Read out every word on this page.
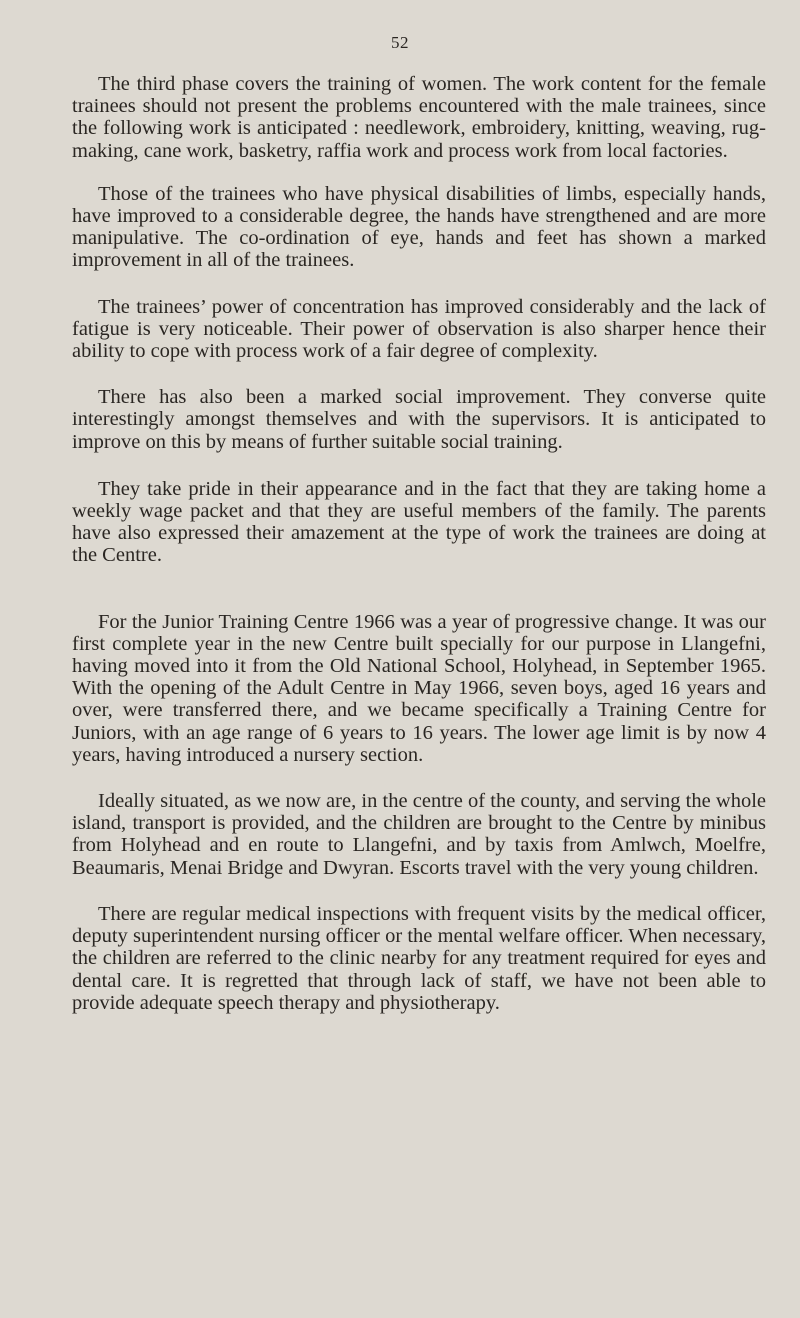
52

The third phase covers the training of women. The work content for the female trainees should not present the problems encountered with the male trainees, since the following work is anticipated : needlework, embroidery, knitting, weaving, rug-making, cane work, basketry, raffia work and process work from local factories.

Those of the trainees who have physical disabilities of limbs, especially hands, have improved to a considerable degree, the hands have strengthened and are more manipulative. The co-ordination of eye, hands and feet has shown a marked improvement in all of the trainees.

The trainees’ power of concentration has improved considerably and the lack of fatigue is very noticeable. Their power of observation is also sharper hence their ability to cope with process work of a fair degree of complexity.

There has also been a marked social improvement. They converse quite interestingly amongst themselves and with the supervisors. It is anticipated to improve on this by means of further suitable social training.

They take pride in their appearance and in the fact that they are taking home a weekly wage packet and that they are useful members of the family. The parents have also expressed their amazement at the type of work the trainees are doing at the Centre.

For the Junior Training Centre 1966 was a year of progressive change. It was our first complete year in the new Centre built specially for our purpose in Llangefni, having moved into it from the Old National School, Holyhead, in September 1965. With the opening of the Adult Centre in May 1966, seven boys, aged 16 years and over, were transferred there, and we became specifically a Training Centre for Juniors, with an age range of 6 years to 16 years. The lower age limit is by now 4 years, having introduced a nursery section.

Ideally situated, as we now are, in the centre of the county, and serving the whole island, transport is provided, and the children are brought to the Centre by minibus from Holyhead and en route to Llangefni, and by taxis from Amlwch, Moelfre, Beaumaris, Menai Bridge and Dwyran. Escorts travel with the very young children.

There are regular medical inspections with frequent visits by the medical officer, deputy superintendent nursing officer or the mental welfare officer. When necessary, the children are referred to the clinic nearby for any treatment required for eyes and dental care. It is regretted that through lack of staff, we have not been able to provide adequate speech therapy and physiotherapy.
